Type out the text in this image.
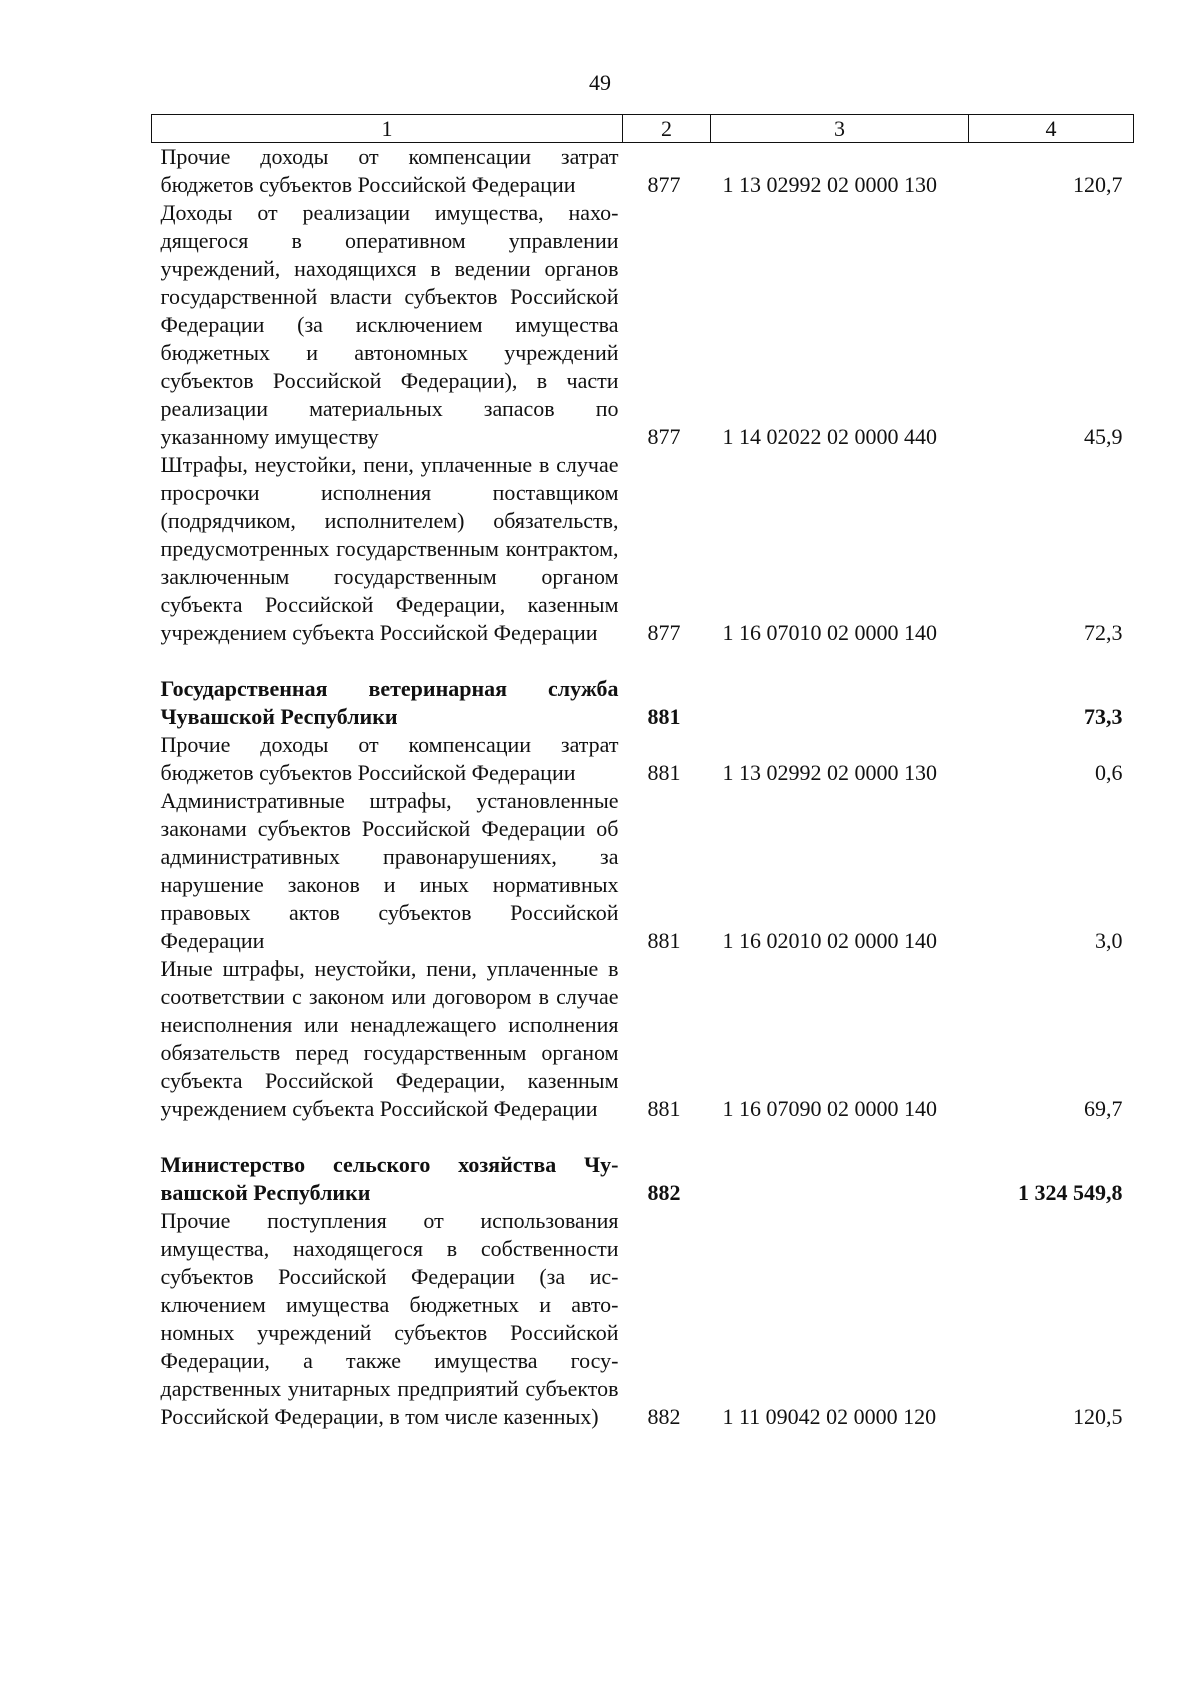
49
1	2	3	4
Прочие доходы от компенсации затрат бюджетов субъектов Российской Федерации	877	1 13 02992 02 0000 130	120,7
Доходы от реализации имущества, находящегося в оперативном управлении учреждений, находящихся в ведении органов государственной власти субъектов Российской Федерации (за исключением имущества бюджетных и автономных учреждений субъектов Российской Федерации), в части реализации материальных запасов по указанному имуществу	877	1 14 02022 02 0000 440	45,9
Штрафы, неустойки, пени, уплаченные в случае просрочки исполнения поставщиком (подрядчиком, исполнителем) обязательств, предусмотренных государственным контрактом, заключенным государственным органом субъекта Российской Федерации, казенным учреждением субъекта Российской Федерации	877	1 16 07010 02 0000 140	72,3
Государственная ветеринарная служба Чувашской Республики	881		73,3
Прочие доходы от компенсации затрат бюджетов субъектов Российской Федерации	881	1 13 02992 02 0000 130	0,6
Административные штрафы, установленные законами субъектов Российской Федерации об административных правонарушениях, за нарушение законов и иных нормативных правовых актов субъектов Российской Федерации	881	1 16 02010 02 0000 140	3,0
Иные штрафы, неустойки, пени, уплаченные в соответствии с законом или договором в случае неисполнения или ненадлежащего исполнения обязательств перед государственным органом субъекта Российской Федерации, казенным учреждением субъекта Российской Федерации	881	1 16 07090 02 0000 140	69,7
Министерство сельского хозяйства Чувашской Республики	882		1 324 549,8
Прочие поступления от использования имущества, находящегося в собственности субъектов Российской Федерации (за исключением имущества бюджетных и автономных учреждений субъектов Российской Федерации, а также имущества государственных унитарных предприятий субъектов Российской Федерации, в том числе казенных)	882	1 11 09042 02 0000 120	120,5
